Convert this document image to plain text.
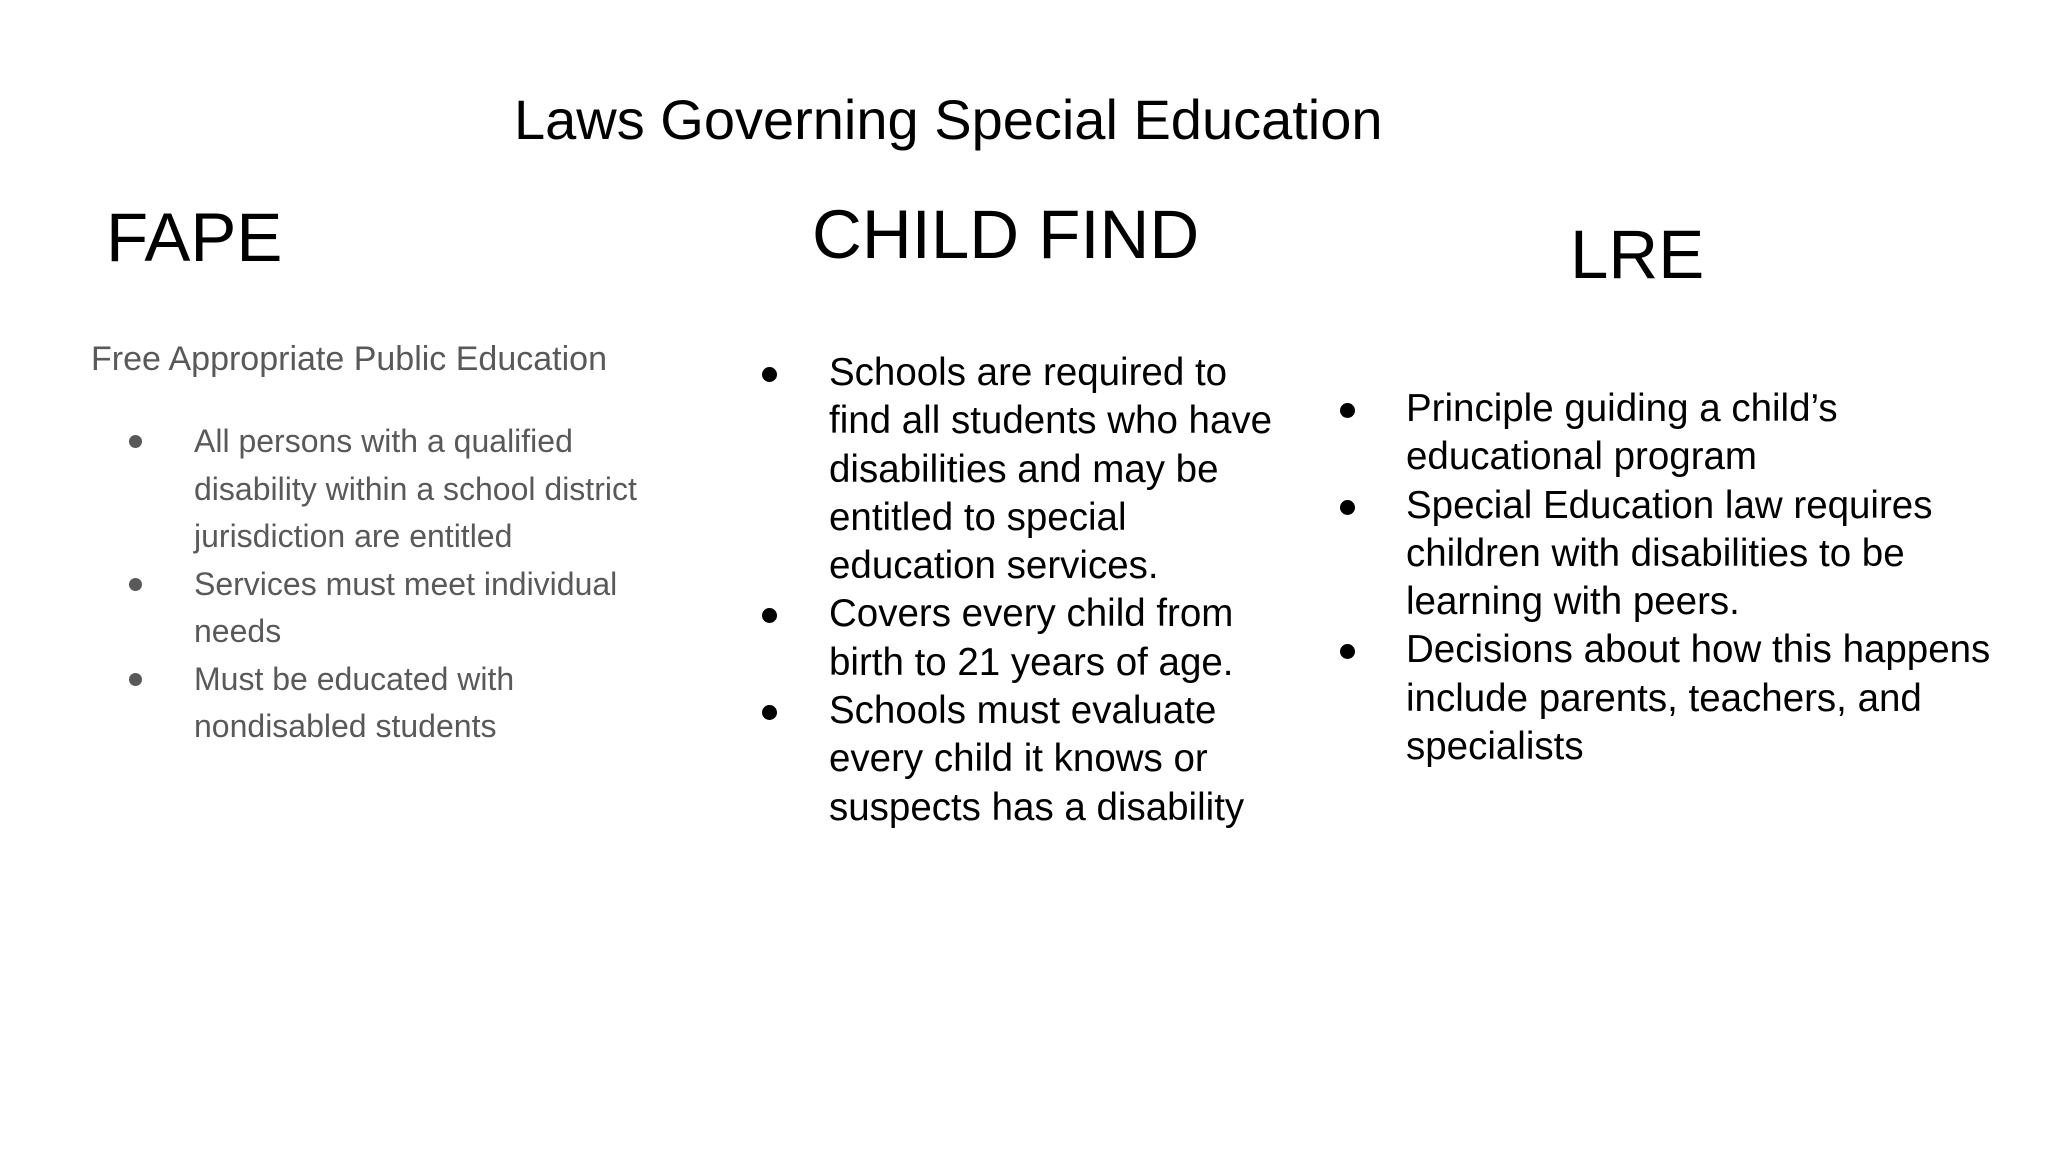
Laws Governing Special Education
FAPE
Free Appropriate Public Education
All persons with a qualified disability within a school district jurisdiction are entitled
Services must meet individual needs
Must be educated with nondisabled students
CHILD FIND
Schools are required to find all students who have disabilities and may be entitled to special education services.
Covers every child from birth to 21 years of age.
Schools must evaluate every child it knows or suspects has a disability
LRE
Principle guiding a child’s educational program
Special Education law requires children with disabilities to be learning with peers.
Decisions about how this happens include parents, teachers, and specialists
